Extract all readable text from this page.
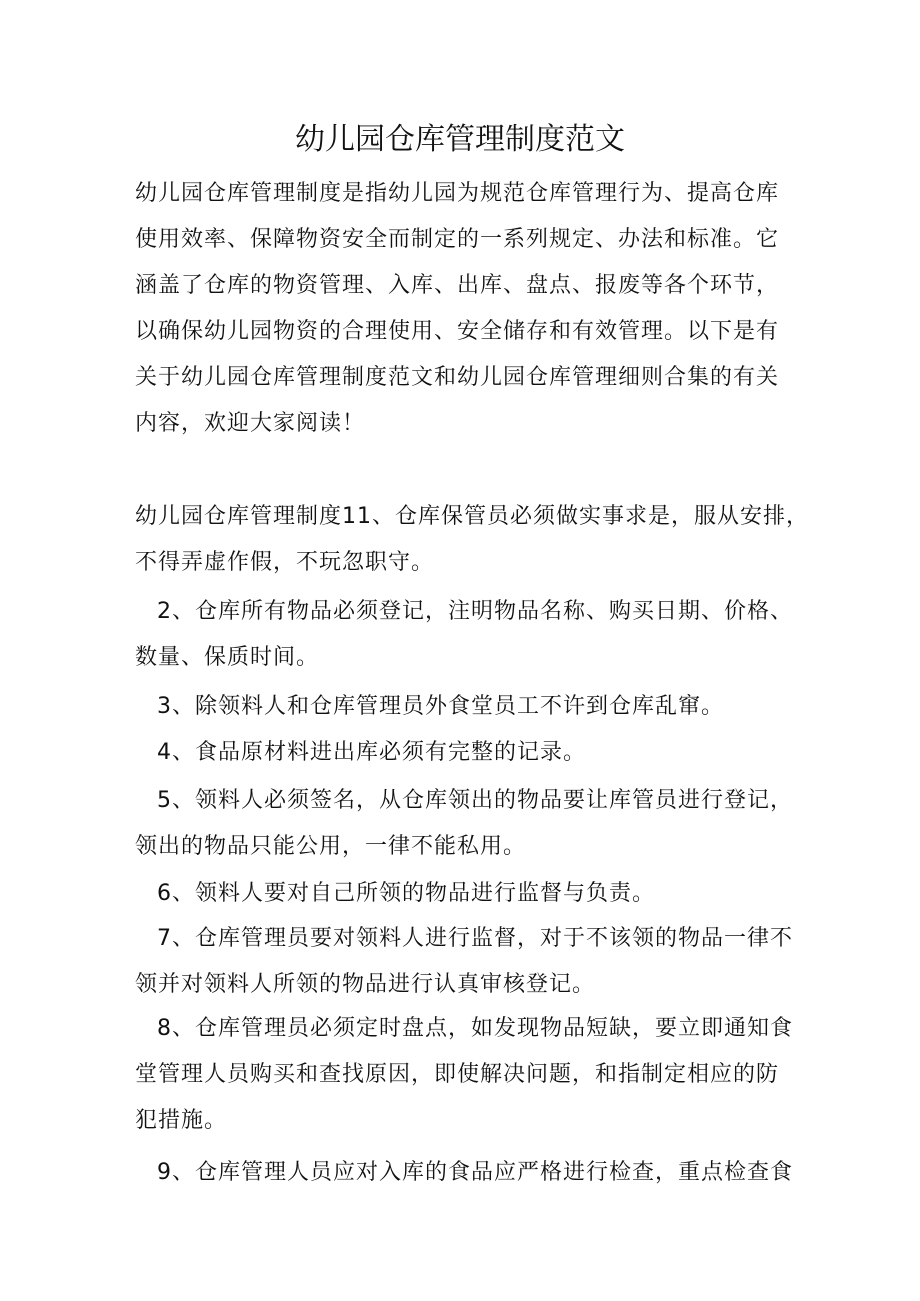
幼儿园仓库管理制度范文
幼儿园仓库管理制度是指幼儿园为规范仓库管理行为、提高仓库
使用效率、保障物资安全而制定的一系列规定、办法和标准。它
涵盖了仓库的物资管理、入库、出库、盘点、报废等各个环节，
以确保幼儿园物资的合理使用、安全储存和有效管理。以下是有
关于幼儿园仓库管理制度范文和幼儿园仓库管理细则合集的有关
内容，欢迎大家阅读！
幼儿园仓库管理制度11、仓库保管员必须做实事求是，服从安排，
不得弄虚作假，不玩忽职守。
2、仓库所有物品必须登记，注明物品名称、购买日期、价格、
数量、保质时间。
3、除领料人和仓库管理员外食堂员工不许到仓库乱窜。
4、食品原材料进出库必须有完整的记录。
5、领料人必须签名，从仓库领出的物品要让库管员进行登记，
领出的物品只能公用，一律不能私用。
6、领料人要对自己所领的物品进行监督与负责。
7、仓库管理员要对领料人进行监督，对于不该领的物品一律不
领并对领料人所领的物品进行认真审核登记。
8、仓库管理员必须定时盘点，如发现物品短缺，要立即通知食
堂管理人员购买和查找原因，即使解决问题，和指制定相应的防
犯措施。
9、仓库管理人员应对入库的食品应严格进行检查，重点检查食
